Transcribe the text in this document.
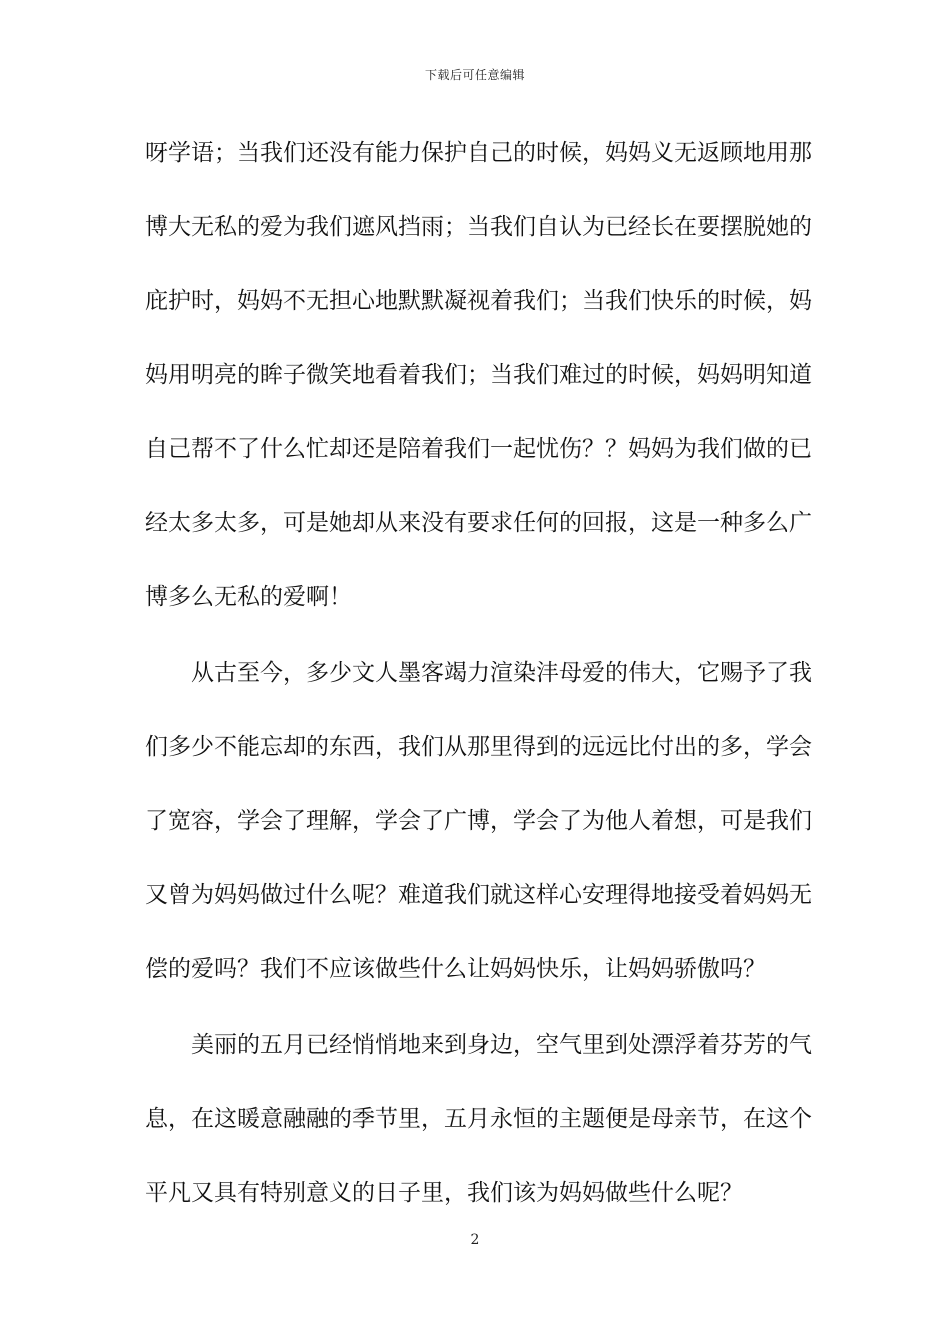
下载后可任意编辑
呀学语；当我们还没有能力保护自己的时候，妈妈义无返顾地用那
博大无私的爱为我们遮风挡雨；当我们自认为已经长在要摆脱她的
庇护时，妈妈不无担心地默默凝视着我们；当我们快乐的时候，妈
妈用明亮的眸子微笑地看着我们；当我们难过的时候，妈妈明知道
自己帮不了什么忙却还是陪着我们一起忧伤？？妈妈为我们做的已
经太多太多，可是她却从来没有要求任何的回报，这是一种多么广
博多么无私的爱啊！
从古至今，多少文人墨客竭力渲染沣母爱的伟大，它赐予了我
们多少不能忘却的东西，我们从那里得到的远远比付出的多，学会
了宽容，学会了理解，学会了广博，学会了为他人着想，可是我们
又曾为妈妈做过什么呢？难道我们就这样心安理得地接受着妈妈无
偿的爱吗？我们不应该做些什么让妈妈快乐，让妈妈骄傲吗？
美丽的五月已经悄悄地来到身边，空气里到处漂浮着芬芳的气
息，在这暖意融融的季节里，五月永恒的主题便是母亲节，在这个
平凡又具有特别意义的日子里，我们该为妈妈做些什么呢？
2
